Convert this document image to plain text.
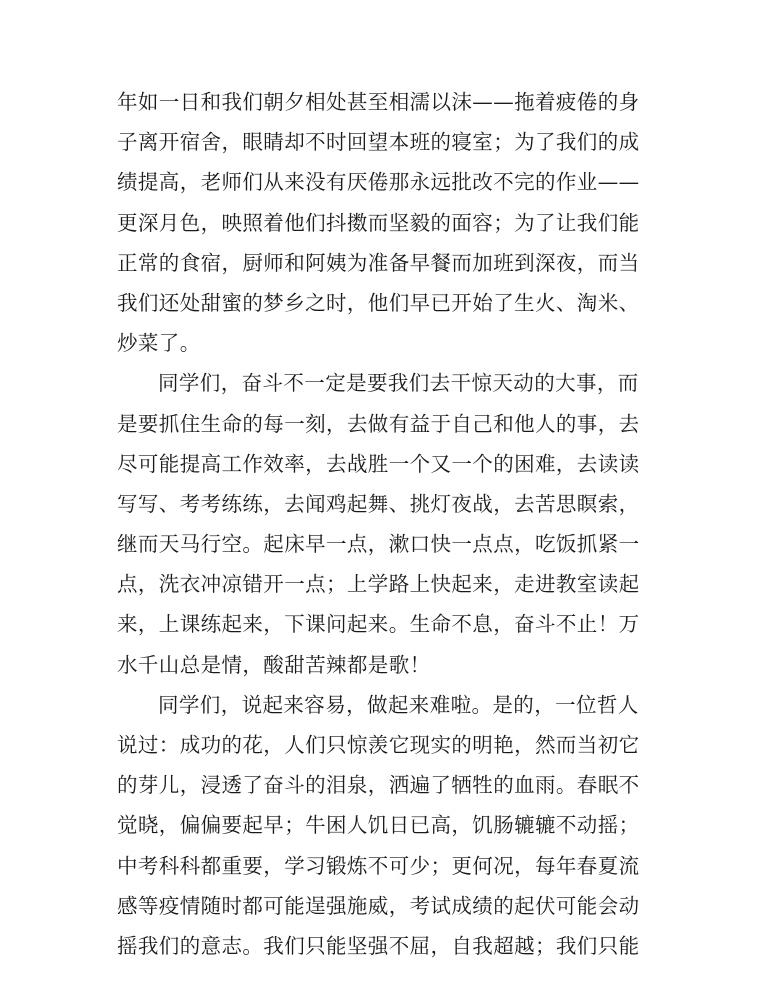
年如一日和我们朝夕相处甚至相濡以沫——拖着疲倦的身
子离开宿舍，眼睛却不时回望本班的寝室；为了我们的成
绩提高，老师们从来没有厌倦那永远批改不完的作业——
更深月色，映照着他们抖擞而坚毅的面容；为了让我们能
正常的食宿，厨师和阿姨为准备早餐而加班到深夜，而当
我们还处甜蜜的梦乡之时，他们早已开始了生火、淘米、
炒菜了。
同学们，奋斗不一定是要我们去干惊天动的大事，而
是要抓住生命的每一刻，去做有益于自己和他人的事，去
尽可能提高工作效率，去战胜一个又一个的困难，去读读
写写、考考练练，去闻鸡起舞、挑灯夜战，去苦思瞑索，
继而天马行空。起床早一点，漱口快一点点，吃饭抓紧一
点，洗衣冲凉错开一点；上学路上快起来，走进教室读起
来，上课练起来，下课问起来。生命不息，奋斗不止！万
水千山总是情，酸甜苦辣都是歌！
同学们，说起来容易，做起来难啦。是的，一位哲人
说过：成功的花，人们只惊羡它现实的明艳，然而当初它
的芽儿，浸透了奋斗的泪泉，洒遍了牺牲的血雨。春眠不
觉晓，偏偏要起早；牛困人饥日已高，饥肠辘辘不动摇；
中考科科都重要，学习锻炼不可少；更何况，每年春夏流
感等疫情随时都可能逞强施威，考试成绩的起伏可能会动
摇我们的意志。我们只能坚强不屈，自我超越；我们只能
